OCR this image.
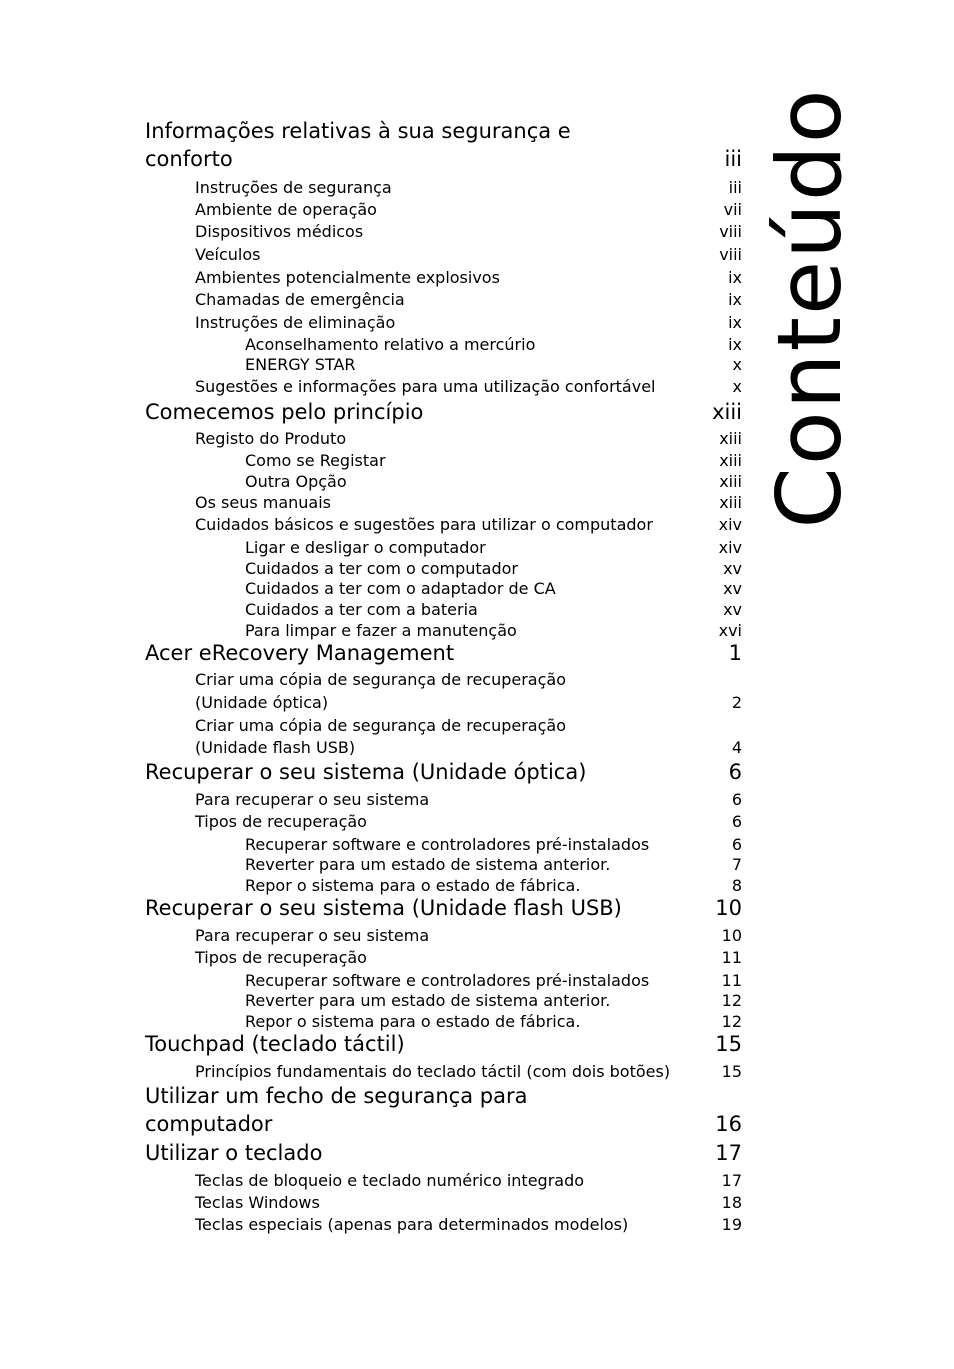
Informações relativas à sua segurança e
conforto	iii
Instruções de segurança	iii
Ambiente de operação	vii
Dispositivos médicos	viii
Veículos	viii
Ambientes potencialmente explosivos	ix
Chamadas de emergência	ix
Instruções de eliminação	ix
Aconselhamento relativo a mercúrio	ix
ENERGY STAR	x
Sugestões e informações para uma utilização confortável	x
Comecemos pelo princípio	xiii
Registo do Produto	xiii
Como se Registar	xiii
Outra Opção	xiii
Os seus manuais	xiii
Cuidados básicos e sugestões para utilizar o computador	xiv
Ligar e desligar o computador	xiv
Cuidados a ter com o computador	xv
Cuidados a ter com o adaptador de CA	xv
Cuidados a ter com a bateria	xv
Para limpar e fazer a manutenção	xvi
Acer eRecovery Management	1
Criar uma cópia de segurança de recuperação
(Unidade óptica)	2
Criar uma cópia de segurança de recuperação
(Unidade flash USB)	4
Recuperar o seu sistema (Unidade óptica)	6
Para recuperar o seu sistema	6
Tipos de recuperação	6
Recuperar software e controladores pré-instalados	6
Reverter para um estado de sistema anterior.	7
Repor o sistema para o estado de fábrica.	8
Recuperar o seu sistema (Unidade flash USB)	10
Para recuperar o seu sistema	10
Tipos de recuperação	11
Recuperar software e controladores pré-instalados	11
Reverter para um estado de sistema anterior.	12
Repor o sistema para o estado de fábrica.	12
Touchpad (teclado táctil)	15
Princípios fundamentais do teclado táctil (com dois botões)	15
Utilizar um fecho de segurança para
computador	16
Utilizar o teclado	17
Teclas de bloqueio e teclado numérico integrado	17
Teclas Windows	18
Teclas especiais (apenas para determinados modelos)	19
Conteúdo
